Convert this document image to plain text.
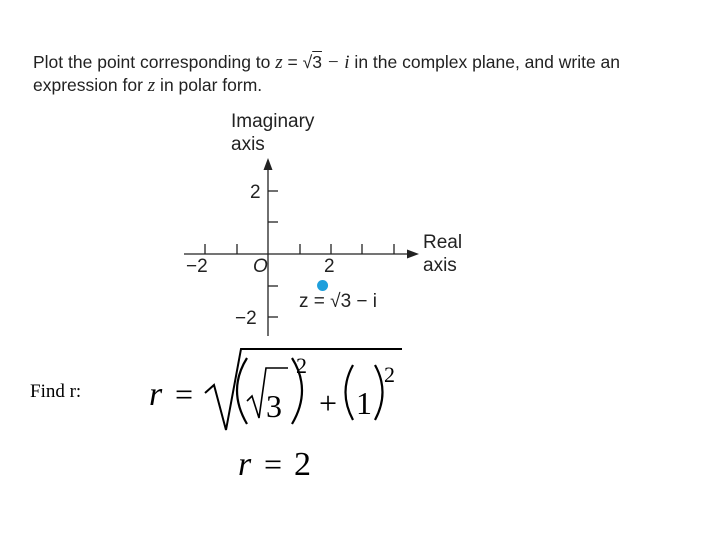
Plot the point corresponding to z = √3 − i in the complex plane, and write an
expression for z in polar form.
Imaginary
axis
Real
axis
−2	2
2
−2
O
z = √3 − i
Find r: r = 3
2
+ 1
2
r = 2
